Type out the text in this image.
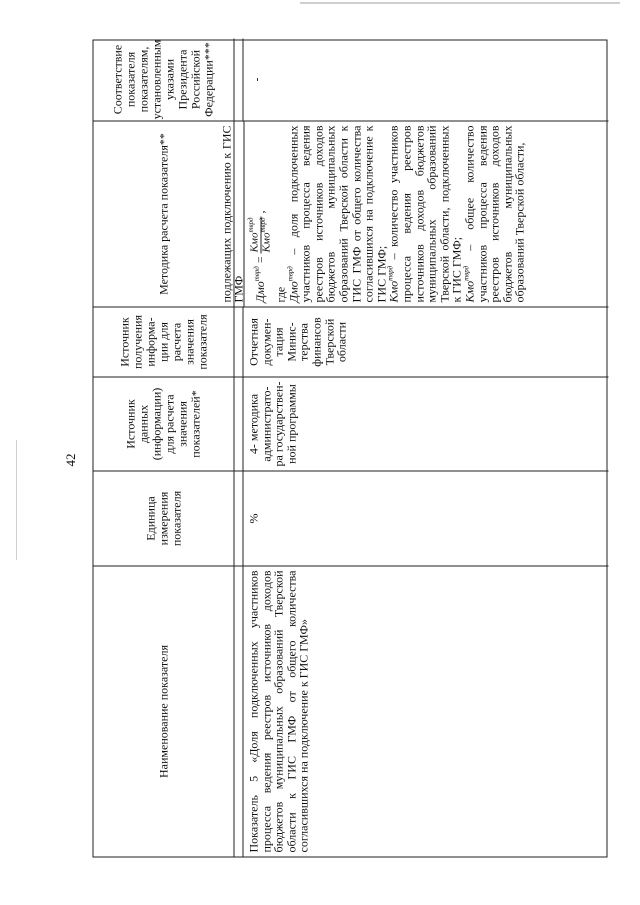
42
Наименование показателя	Показатель 5 «Доля подключенных участников процесса ведения реестров источников доходов бюджетов муниципальных образований Тверской области к ГИС ГМФ от общего количества согласившихся на подключение к ГИС ГМФ»
Единица измерения показателя	%
Источник данных (информации) для расчета значения показателей*	4- методика администрато-ра государствен-ной программы
Источник получения информа-ции для расчета значения показателя	Отчетная докумен-тация Минис-терства финансов Тверской области
Методика расчета показателя**	подлежащих подключению к ГИС ГМФ Дмо$^{тврд}$ =
Кмо$^{тврд}$
Кмо$^{тврд}$
,
где
Дмо$^{тврд}$ – доля подключенных участников процесса ведения реестров источников доходов бюджетов муниципальных образований Тверской области к ГИС ГМФ от общего количества согласившихся на подключение к ГИС ГМФ;
Кмо$^{тврд}$ – количество участников процесса ведения реестров источников доходов бюджетов муниципальных образований Тверской области, подключенных к ГИС ГМФ;
Кмо$^{тврд}$ – общее количество участников процесса ведения реестров источников доходов бюджетов муниципальных образований Тверской области,
Соответствие показателя показателям, установленным указами Президента Российской Федерации***	-
